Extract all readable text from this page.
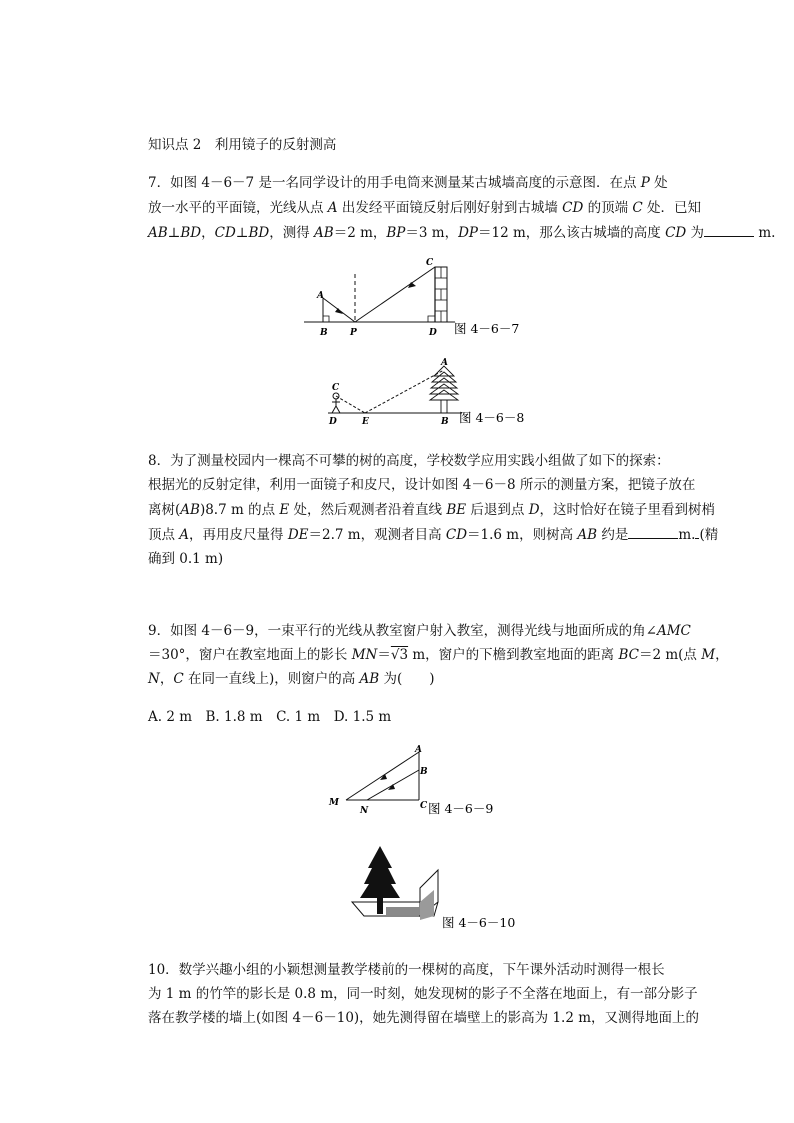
知识点 2　利用镜子的反射测高
7．如图 4－6－7 是一名同学设计的用手电筒来测量某古城墙高度的示意图．在点 P 处
放一水平的平面镜，光线从点 A 出发经平面镜反射后刚好射到古城墙 CD 的顶端 C 处．已知
AB⊥BD，CD⊥BD，测得 AB＝2 m，BP＝3 m，DP＝12 m，那么该古城墙的高度 CD 为	m.
A
B P	D
C
图 4－6－7
C
D	E
A
B 图 4－6－8
8．为了测量校园内一棵高不可攀的树的高度，学校数学应用实践小组做了如下的探索：
根据光的反射定律，利用一面镜子和皮尺，设计如图 4－6－8 所示的测量方案，把镜子放在
离树(AB)8.7 m 的点 E 处，然后观测者沿着直线 BE 后退到点 D，这时恰好在镜子里看到树梢
顶点 A，再用皮尺量得 DE＝2.7 m，观测者目高 CD＝1.6 m，则树高 AB 约是	m. (精
确到 0.1 m)
9．如图 4－6－9，一束平行的光线从教室窗户射入教室，测得光线与地面所成的角∠AMC
＝30°，窗户在教室地面上的影长 MN＝√3 m，窗户的下檐到教室地面的距离 BC＝2 m(点 M，
N，C 在同一直线上)，则窗户的高 AB 为(　　)
A. 2 m　B. 1.8 m　C. 1 m　D. 1.5 m
A
B
C
M
N	图 4－6－9
图 4－6－10
10．数学兴趣小组的小颖想测量教学楼前的一棵树的高度，下午课外活动时测得一根长
为 1 m 的竹竿的影长是 0.8 m，同一时刻，她发现树的影子不全落在地面上，有一部分影子
落在教学楼的墙上(如图 4－6－10)，她先测得留在墙壁上的影高为 1.2 m，又测得地面上的
